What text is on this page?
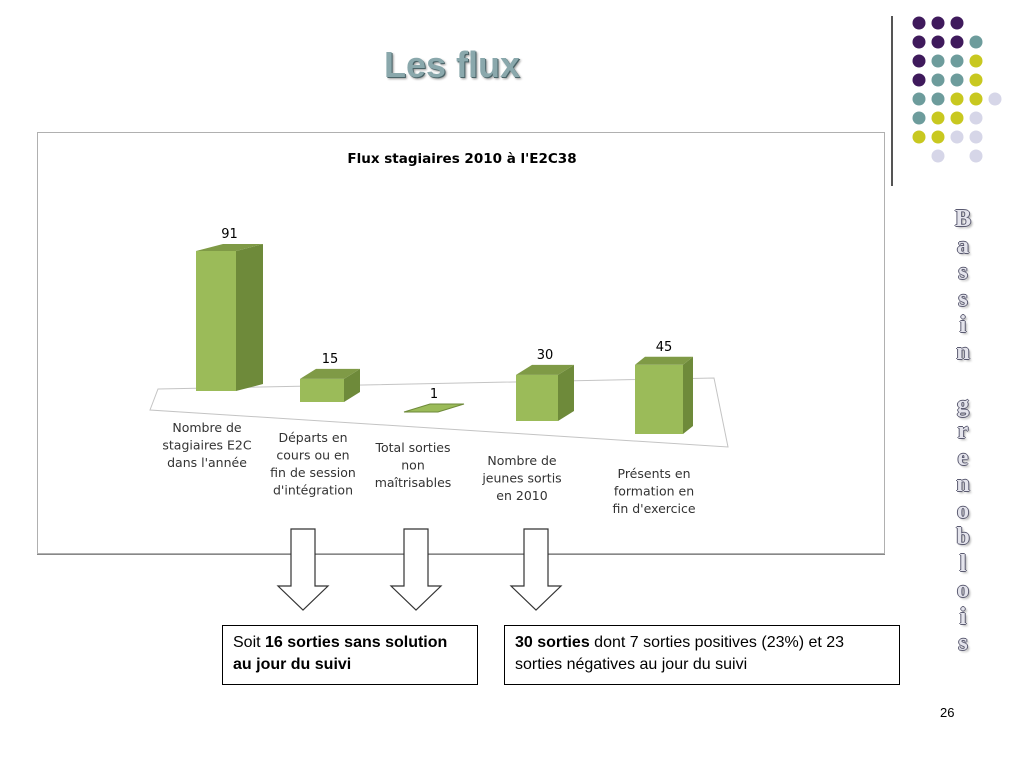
Les flux
B
a
s
s
i
n
g
r
e
n
o
b
l
o
i
s
Flux stagiaires 2010 à l'E2C38
91
Nombre de
stagiaires E2C
dans l'année
15
Départs en
cours ou en
fin de session
d'intégration
1
Total sorties
non
maîtrisables
30
Nombre de
jeunes sortis
en 2010
45
Présents en
formation en
fin d'exercice
Soit 16 sorties sans solution au jour du suivi
30 sorties dont 7 sorties positives (23%) et 23 sorties négatives au jour du suivi
26
